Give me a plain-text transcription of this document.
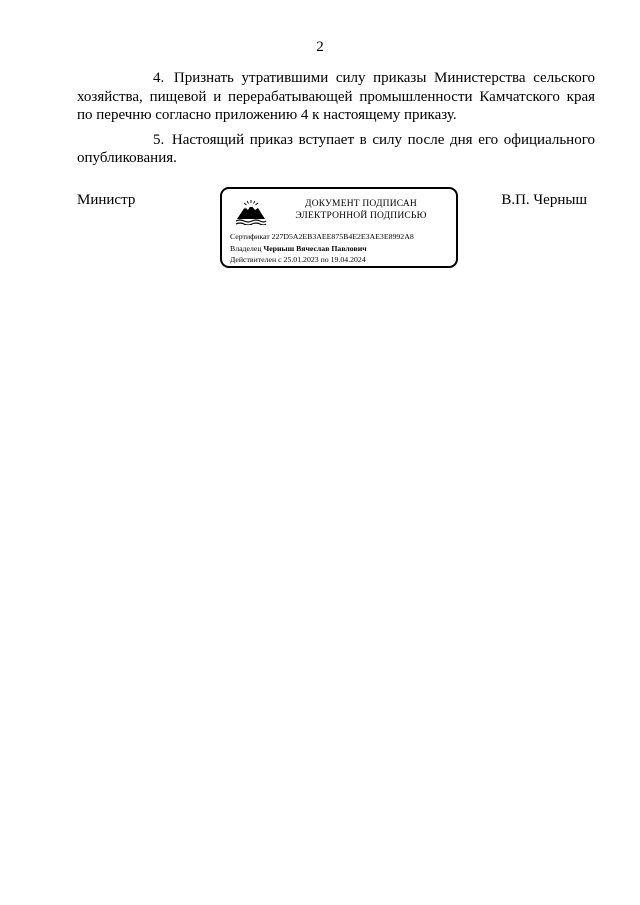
2

4. Признать утратившими силу приказы Министерства сельского хозяйства, пищевой и перерабатывающей промышленности Камчатского края по перечню согласно приложению 4 к настоящему приказу.

5. Настоящий приказ вступает в силу после дня его официального опубликования.

Министр	ДОКУМЕНТ ПОДПИСАН
ЭЛЕКТРОННОЙ ПОДПИСЬЮ
Сертификат 227D5A2EB3AEE875B4E2E3AE3E8992A8
Владелец Черныш Вячеслав Павлович
Действителен с 25.01.2023 по 19.04.2024
В.П. Черныш
